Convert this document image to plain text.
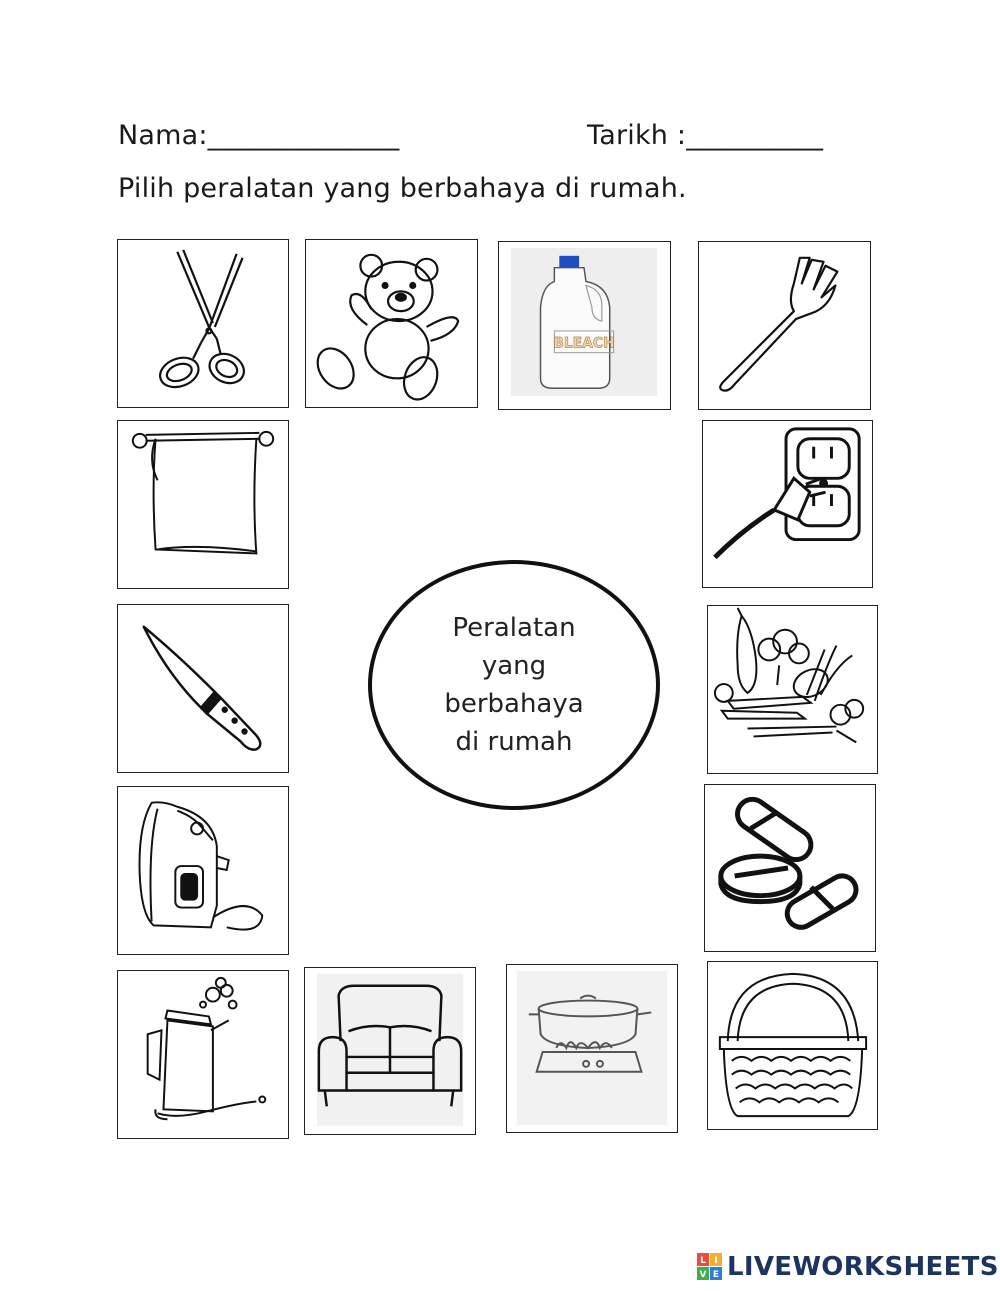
Nama:______________	Tarikh :__________
Pilih peralatan yang berbahaya di rumah.
BLEACH
Peralatan
yang
berbahaya
di rumah
L I
V E LIVEWORKSHEETS
